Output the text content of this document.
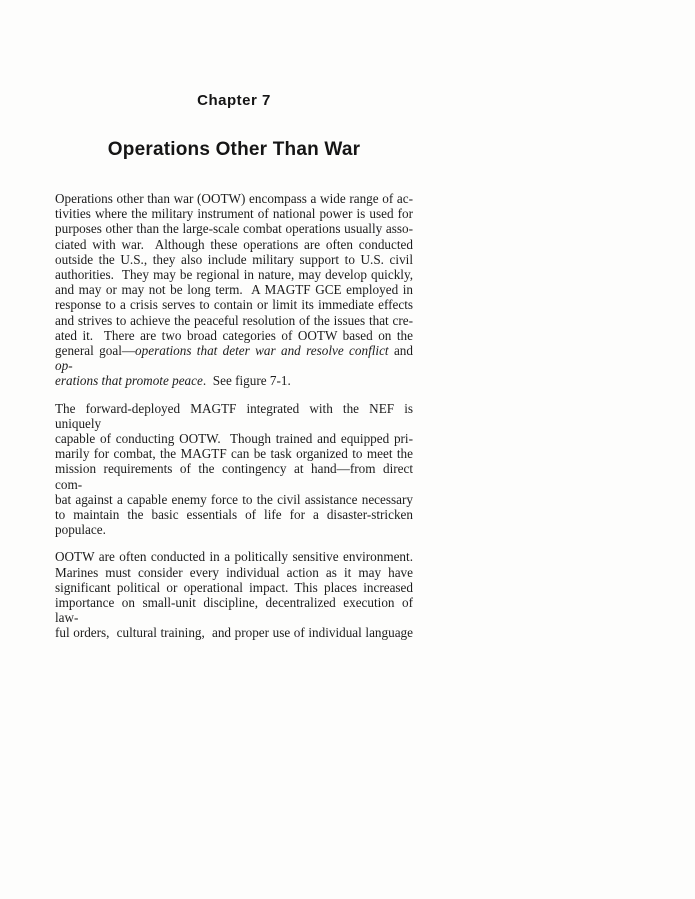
Chapter 7
Operations Other Than War
Operations other than war (OOTW) encompass a wide range of ac-
tivities where the military instrument of national power is used for
purposes other than the large-scale combat operations usually asso-
ciated with war.  Although these operations are often conducted
outside the U.S., they also include military support to U.S. civil
authorities.  They may be regional in nature, may develop quickly,
and may or may not be long term.  A MAGTF GCE employed in
response to a crisis serves to contain or limit its immediate effects
and strives to achieve the peaceful resolution of the issues that cre-
ated it.  There are two broad categories of OOTW based on the
general goal—operations that deter war and resolve conflict and op-
erations that promote peace.  See figure 7-1.
The forward-deployed MAGTF integrated with the NEF is uniquely
capable of conducting OOTW.  Though trained and equipped pri-
marily for combat, the MAGTF can be task organized to meet the
mission requirements of the contingency at hand—from direct com-
bat against a capable enemy force to the civil assistance necessary
to maintain the basic essentials of life for a disaster-stricken
populace.
OOTW are often conducted in a politically sensitive environment.
Marines must consider every individual action as it may have
significant political or operational impact. This places increased
importance on small-unit discipline, decentralized execution of law-
ful orders,  cultural training,  and proper use of individual language
